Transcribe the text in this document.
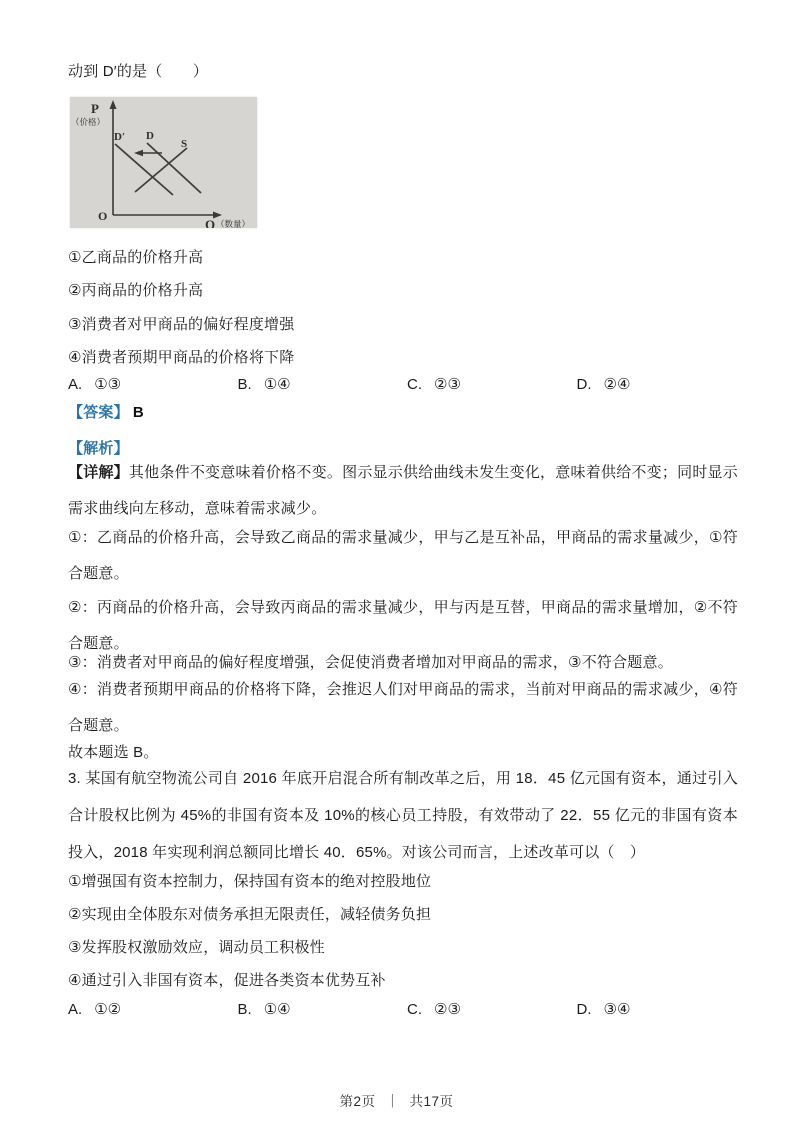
动到 D′的是（　　）
P
（价格）
D′ D
S
O
Q （数量）
①乙商品的价格升高
②丙商品的价格升高
③消费者对甲商品的偏好程度增强
④消费者预期甲商品的价格将下降
A. ①③	B. ①④	C. ②③	D. ②④
【答案】 B
【解析】
【详解】其他条件不变意味着价格不变。图示显示供给曲线未发生变化，意味着供给不变；同时显示需求曲线向左移动，意味着需求减少。
①：乙商品的价格升高，会导致乙商品的需求量减少，甲与乙是互补品，甲商品的需求量减少，①符合题意。
②：丙商品的价格升高，会导致丙商品的需求量减少，甲与丙是互替，甲商品的需求量增加，②不符合题意。
③：消费者对甲商品的偏好程度增强，会促使消费者增加对甲商品的需求，③不符合题意。
④：消费者预期甲商品的价格将下降，会推迟人们对甲商品的需求，当前对甲商品的需求减少，④符合题意。
故本题选 B。
3. 某国有航空物流公司自 2016 年底开启混合所有制改革之后，用 18．45 亿元国有资本，通过引入合计股权比例为 45%的非国有资本及 10%的核心员工持股，有效带动了 22．55 亿元的非国有资本投入，2018 年实现利润总额同比增长 40．65%。对该公司而言，上述改革可以（　）
①增强国有资本控制力，保持国有资本的绝对控股地位
②实现由全体股东对债务承担无限责任，减轻债务负担
③发挥股权激励效应，调动员工积极性
④通过引入非国有资本，促进各类资本优势互补
A. ①②	B. ①④	C. ②③	D. ③④
第2页 ｜ 共17页
